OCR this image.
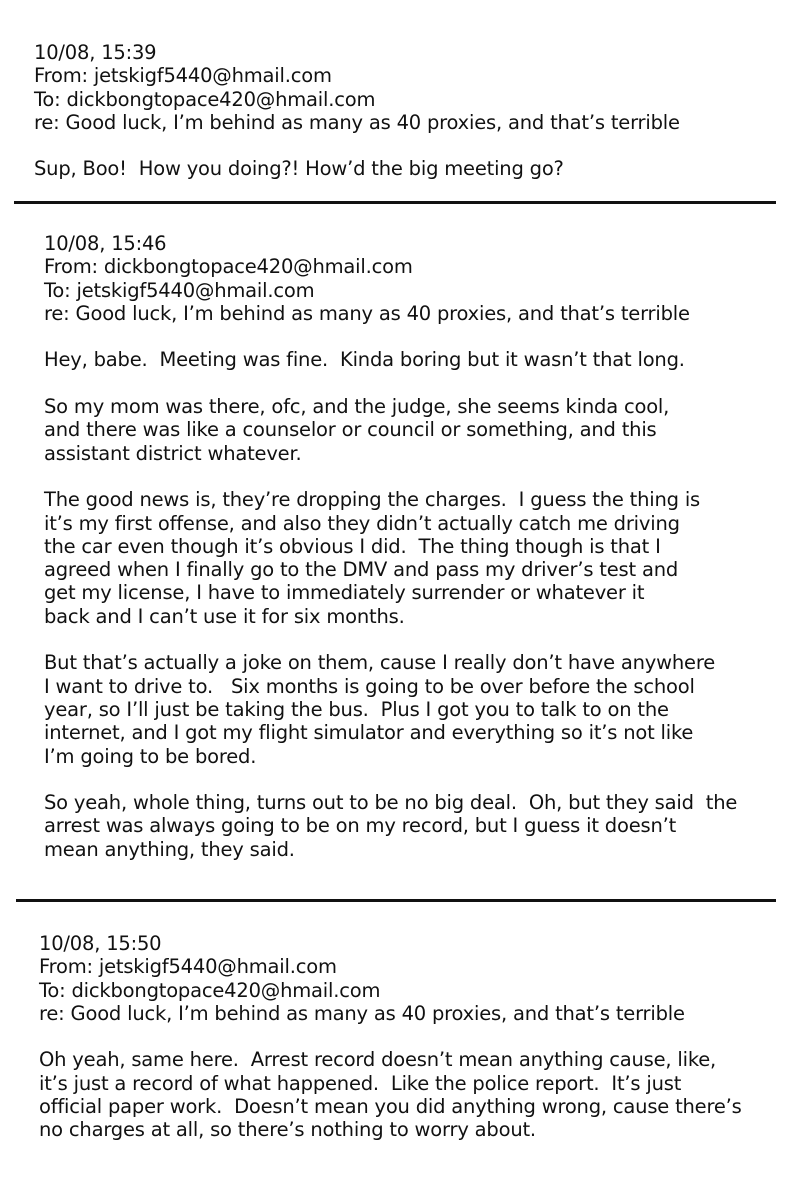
10/08, 15:39
From: jetskigf5440@hmail.com
To: dickbongtopace420@hmail.com
re: Good luck, I’m behind as many as 40 proxies, and that’s terrible
Sup, Boo!  How you doing?! How’d the big meeting go?
10/08, 15:46
From: dickbongtopace420@hmail.com
To: jetskigf5440@hmail.com
re: Good luck, I’m behind as many as 40 proxies, and that’s terrible
Hey, babe.  Meeting was fine.  Kinda boring but it wasn’t that long.
So my mom was there, ofc, and the judge, she seems kinda cool,
and there was like a counselor or council or something, and this
assistant district whatever.
The good news is, they’re dropping the charges.  I guess the thing is
it’s my first offense, and also they didn’t actually catch me driving
the car even though it’s obvious I did.  The thing though is that I
agreed when I finally go to the DMV and pass my driver’s test and
get my license, I have to immediately surrender or whatever it
back and I can’t use it for six months.
But that’s actually a joke on them, cause I really don’t have anywhere
I want to drive to.   Six months is going to be over before the school
year, so I’ll just be taking the bus.  Plus I got you to talk to on the
internet, and I got my flight simulator and everything so it’s not like
I’m going to be bored.
So yeah, whole thing, turns out to be no big deal.  Oh, but they said  the
arrest was always going to be on my record, but I guess it doesn’t
mean anything, they said.
10/08, 15:50
From: jetskigf5440@hmail.com
To: dickbongtopace420@hmail.com
re: Good luck, I’m behind as many as 40 proxies, and that’s terrible
Oh yeah, same here.  Arrest record doesn’t mean anything cause, like,
it’s just a record of what happened.  Like the police report.  It’s just
official paper work.  Doesn’t mean you did anything wrong, cause there’s
no charges at all, so there’s nothing to worry about.
